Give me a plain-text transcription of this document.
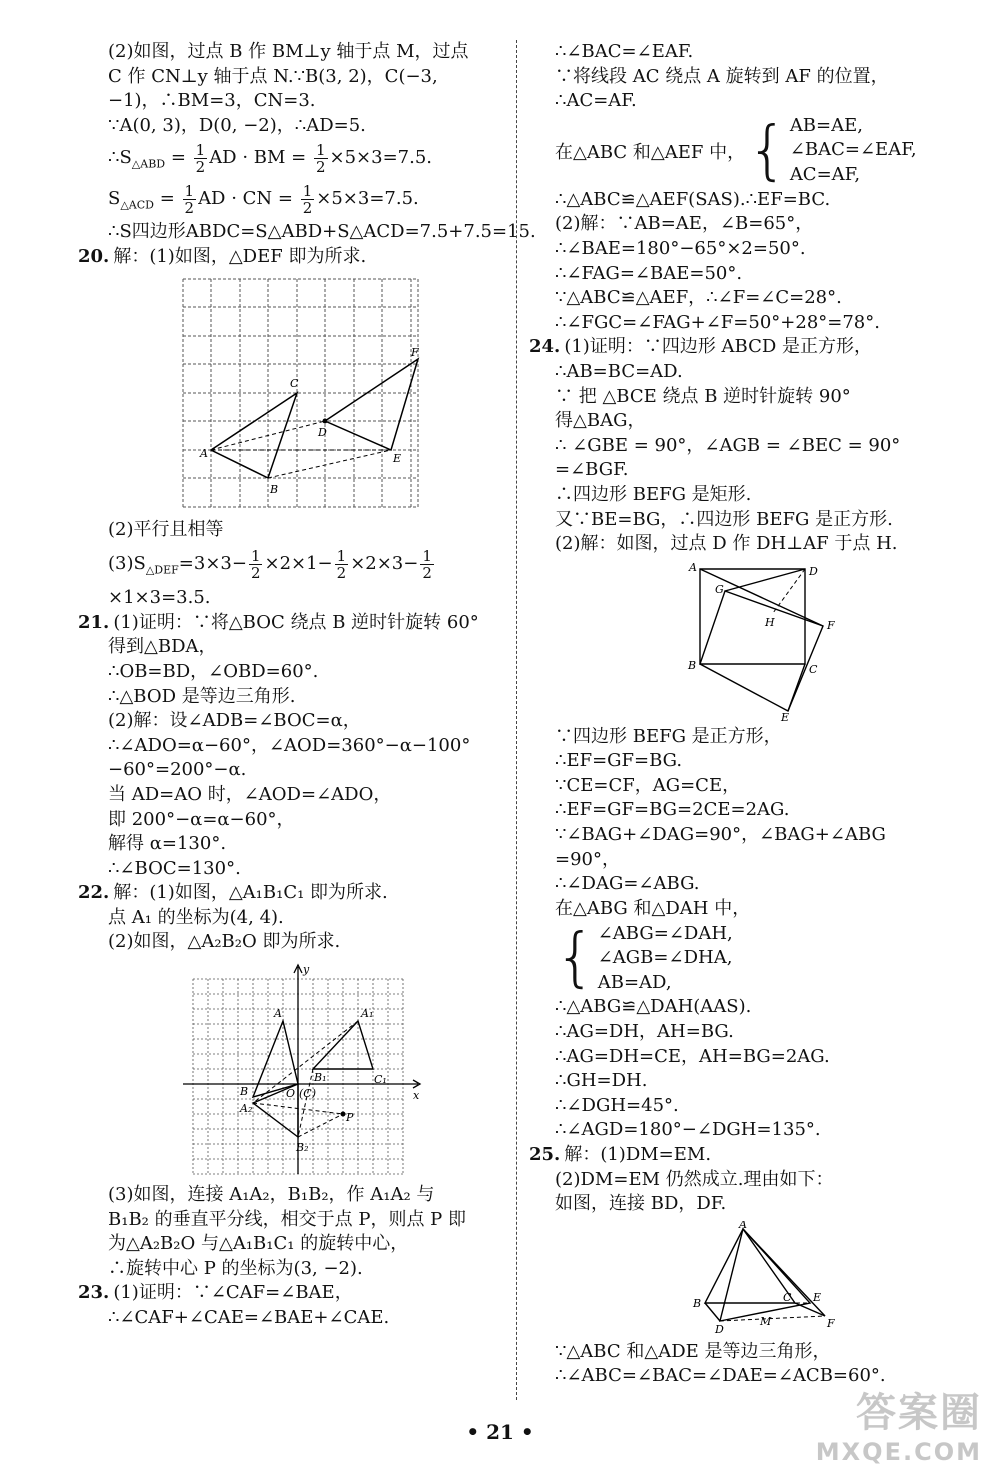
(2)如图，过点 B 作 BM⊥y 轴于点 M，过点
C 作 CN⊥y 轴于点 N.∵B(3, 2)，C(−3,
−1)，∴BM=3，CN=3.
∵A(0, 3)，D(0, −2)，∴AD=5.
$\therefore S_{\triangle ABD} = \frac{1}{2}$ AD · BM = $\frac{1}{2} \times 5\times 3=7.5$.
$S_{\triangle ACD} = \frac{1}{2}$ AD · CN = $\frac{1}{2} \times 5\times 3=7.5$.
∴S四边形ABDC=S△ABD+S△ACD=7.5+7.5=15.
20. 解：(1)如图，△DEF 即为所求.
A
B
C
D
E
F
(2)平行且相等
$(3)S_{\triangle DEF}=3\times 3- \frac{1}{2} \times 2\times 1- \frac{1}{2} \times 2\times 3- \frac{1}{2}$
×1×3=3.5.
21. (1)证明：∵将△BOC 绕点 B 逆时针旋转 60°
得到△BDA，
∴OB=BD，∠OBD=60°.
∴△BOD 是等边三角形.
(2)解：设∠ADB=∠BOC=α，
∴∠ADO=α−60°，∠AOD=360°−α−100°
−60°=200°−α.
当 AD=AO 时，∠AOD=∠ADO，
即 200°−α=α−60°，
解得 α=130°.
∴∠BOC=130°.
22. 解：(1)如图，△A₁B₁C₁ 即为所求.
点 A₁ 的坐标为(4, 4).
(2)如图，△A₂B₂O 即为所求.
y
x
A	A₁
B
B₁	C₁
O (C)
A₂
B₂
P
(3)如图，连接 A₁A₂，B₁B₂，作 A₁A₂ 与
B₁B₂ 的垂直平分线，相交于点 P，则点 P 即
为△A₂B₂O 与△A₁B₁C₁ 的旋转中心，
∴旋转中心 P 的坐标为(3, −2).
23. (1)证明：∵∠CAF=∠BAE，
∴∠CAF+∠CAE=∠BAE+∠CAE.
∴∠BAC=∠EAF.
∵将线段 AC 绕点 A 旋转到 AF 的位置，
∴AC=AF.
在△ABC 和△AEF 中， { AB=AE,
∠BAC=∠EAF,
AC=AF,
∴△ABC≌△AEF(SAS).∴EF=BC.
(2)解：∵AB=AE，∠B=65°，
∴∠BAE=180°−65°×2=50°.
∴∠FAG=∠BAE=50°.
∵△ABC≌△AEF，∴∠F=∠C=28°.
∴∠FGC=∠FAG+∠F=50°+28°=78°.
24. (1)证明：∵四边形 ABCD 是正方形，
∴AB=BC=AD.
∵ 把 △BCE 绕点 B 逆时针旋转 90°
得△BAG，
∴ ∠GBE = 90°，∠AGB = ∠BEC = 90°
=∠BGF.
∴四边形 BEFG 是矩形.
又∵BE=BG，∴四边形 BEFG 是正方形.
(2)解：如图，过点 D 作 DH⊥AF 于点 H.
A	D
G
H	F
B	C
E
∵四边形 BEFG 是正方形，
∴EF=GF=BG.
∵CE=CF，AG=CE，
∴EF=GF=BG=2CE=2AG.
∵∠BAG+∠DAG=90°，∠BAG+∠ABG
=90°，
∴∠DAG=∠ABG.
在△ABG 和△DAH 中，
{ ∠ABG=∠DAH,
∠AGB=∠DHA,
AB=AD,
∴△ABG≌△DAH(AAS).
∴AG=DH，AH=BG.
∴AG=DH=CE，AH=BG=2AG.
∴GH=DH.
∴∠DGH=45°.
∴∠AGD=180°−∠DGH=135°.
25. 解：(1)DM=EM.
(2)DM=EM 仍然成立.理由如下：
如图，连接 BD，DF.
A
B	C
D
E
M	F
∵△ABC 和△ADE 是等边三角形，
∴∠ABC=∠BAC=∠DAE=∠ACB=60°.
• 21 •	答案圈
MXQE.COM
